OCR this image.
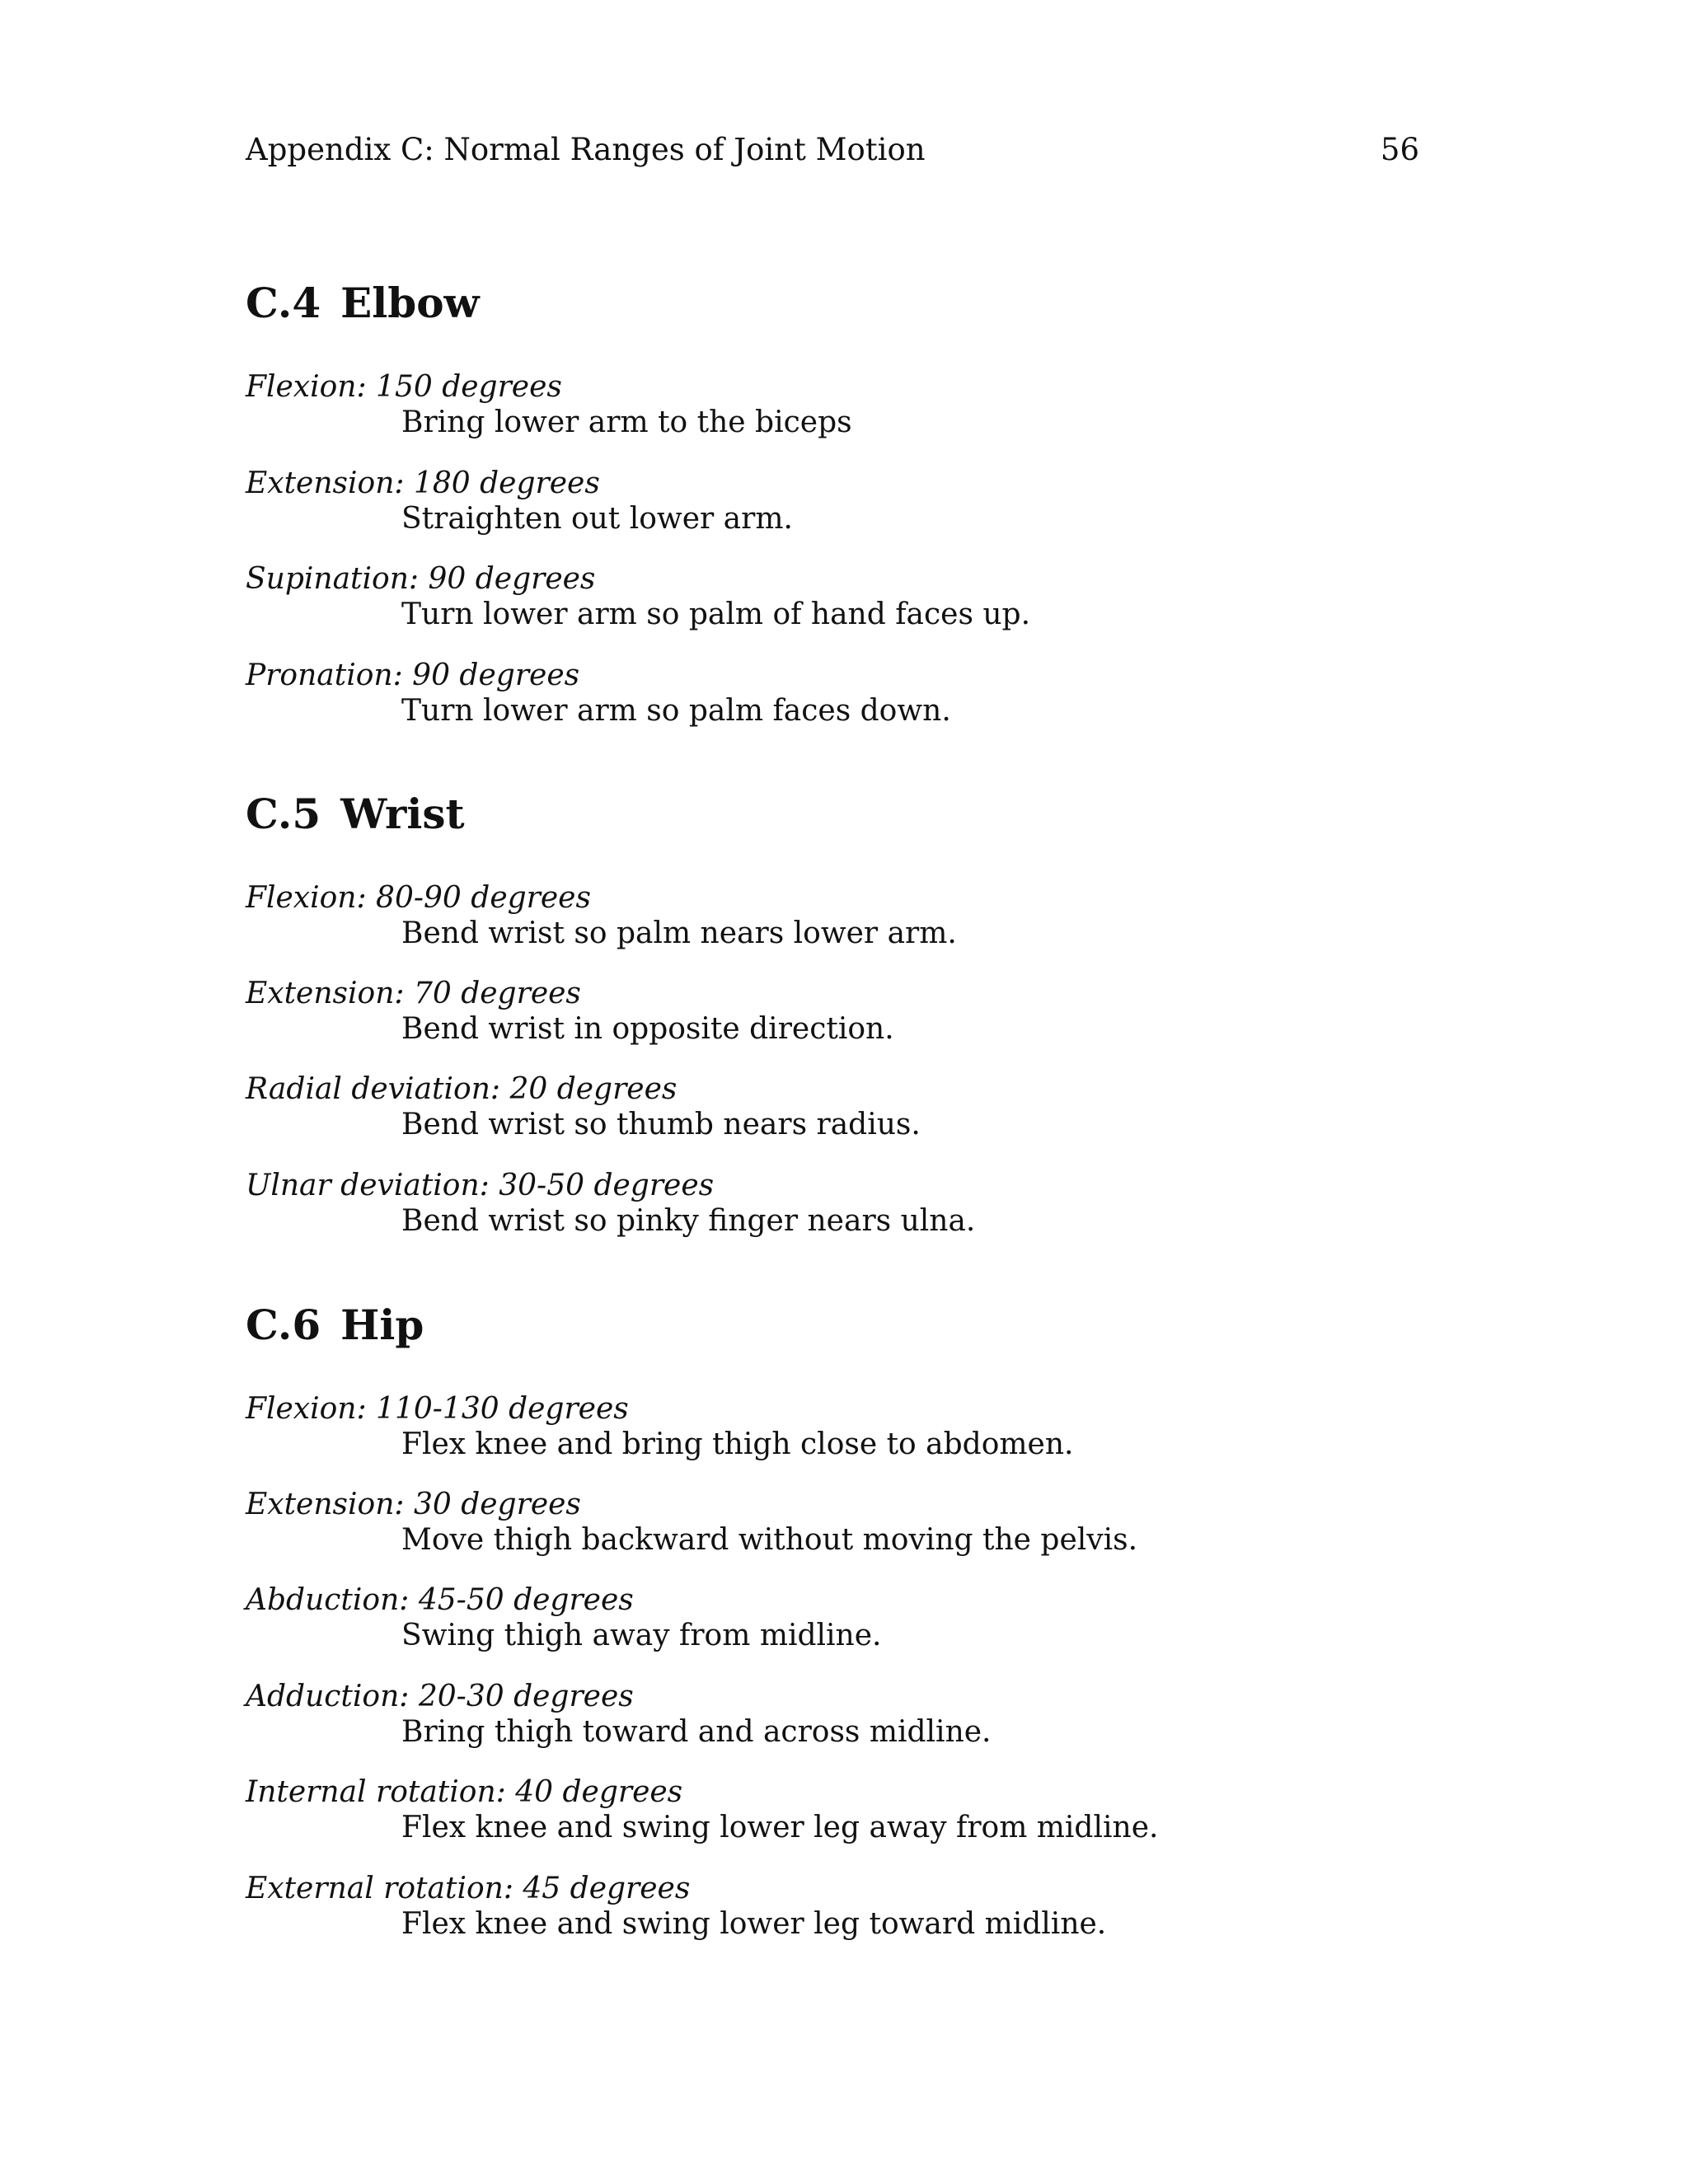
Appendix C: Normal Ranges of Joint Motion	56
C.4 Elbow
Flexion: 150 degrees
Bring lower arm to the biceps
Extension: 180 degrees
Straighten out lower arm.
Supination: 90 degrees
Turn lower arm so palm of hand faces up.
Pronation: 90 degrees
Turn lower arm so palm faces down.
C.5 Wrist
Flexion: 80-90 degrees
Bend wrist so palm nears lower arm.
Extension: 70 degrees
Bend wrist in opposite direction.
Radial deviation: 20 degrees
Bend wrist so thumb nears radius.
Ulnar deviation: 30-50 degrees
Bend wrist so pinky finger nears ulna.
C.6 Hip
Flexion: 110-130 degrees
Flex knee and bring thigh close to abdomen.
Extension: 30 degrees
Move thigh backward without moving the pelvis.
Abduction: 45-50 degrees
Swing thigh away from midline.
Adduction: 20-30 degrees
Bring thigh toward and across midline.
Internal rotation: 40 degrees
Flex knee and swing lower leg away from midline.
External rotation: 45 degrees
Flex knee and swing lower leg toward midline.
